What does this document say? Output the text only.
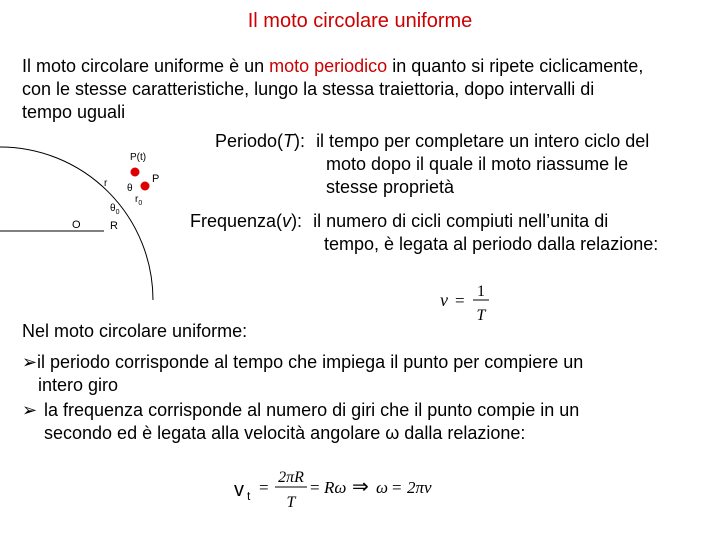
Il moto circolare uniforme
Il moto circolare uniforme è un moto periodico in quanto si ripete ciclicamente,
con le stesse caratteristiche, lungo la stessa traiettoria, dopo intervalli di
tempo uguali
P(t)
r θ
P
$r_0$
$\theta_0$
O	R
Periodo(T): il tempo per completare un intero ciclo del
moto dopo il quale il moto riassume le
stesse proprietà
Frequenza(v): il numero di cicli compiuti nell’unita di
tempo, è legata al periodo dalla relazione:
ν = 1
T
Nel moto circolare uniforme:
➢il periodo corrisponde al tempo che impiega il punto per compiere un
intero giro
➢ la frequenza corrisponde al numero di giri che il punto compie in un
secondo ed è legata alla velocità angolare ω dalla relazione:
v t =
2πR
T
= Rω ⇒ ω = 2πν
